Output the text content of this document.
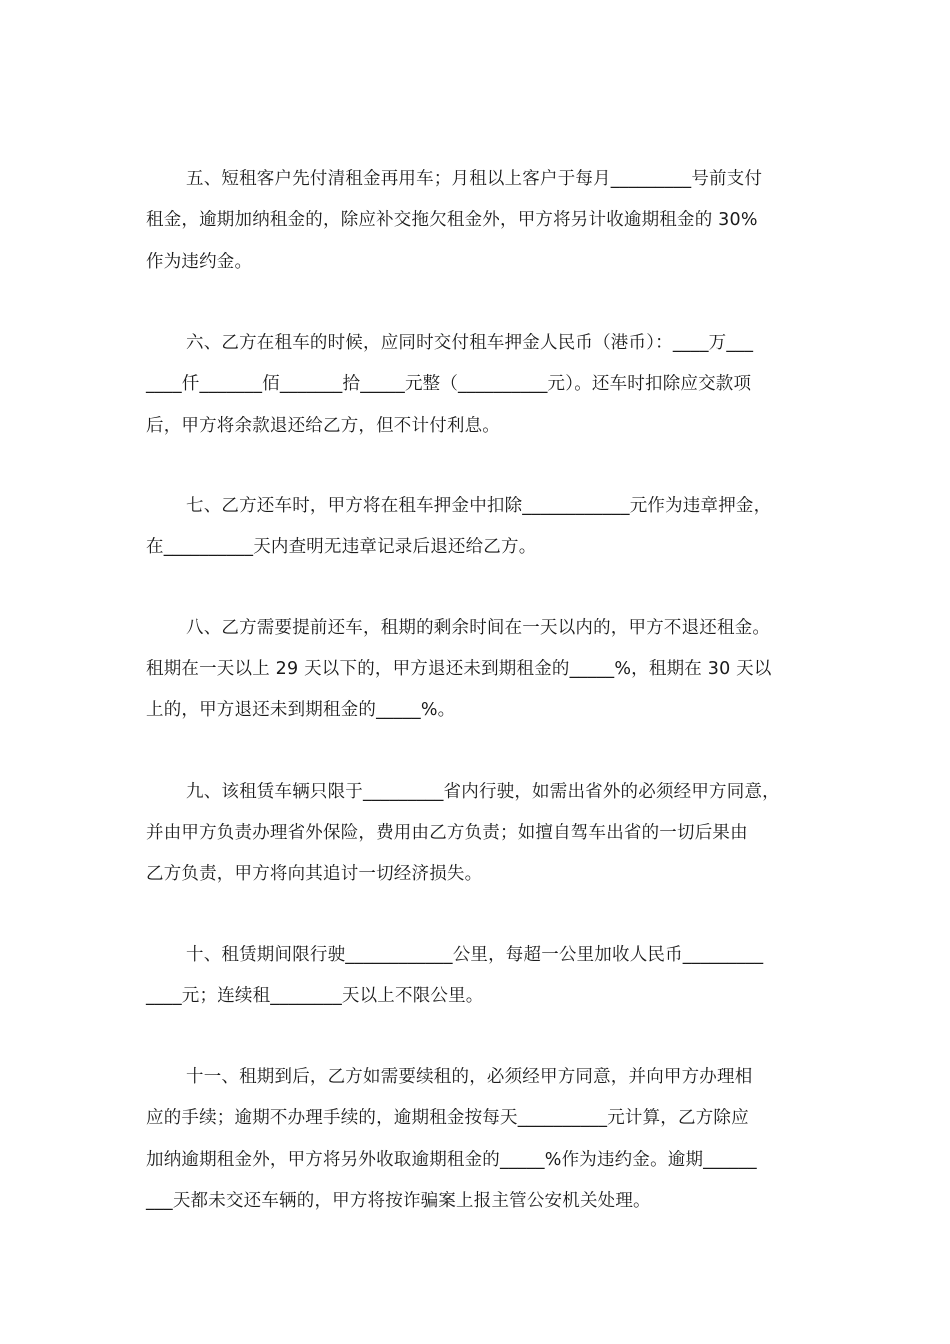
五、短租客户先付清租金再用车；月租以上客户于每月_________号前支付
租金，逾期加纳租金的，除应补交拖欠租金外，甲方将另计收逾期租金的 30%
作为违约金。
六、乙方在租车的时候，应同时交付租车押金人民币（港币）：____万___
____仟_______佰_______拾_____元整（__________元）。还车时扣除应交款项
后，甲方将余款退还给乙方，但不计付利息。
七、乙方还车时，甲方将在租车押金中扣除____________元作为违章押金，
在__________天内查明无违章记录后退还给乙方。
八、乙方需要提前还车，租期的剩余时间在一天以内的，甲方不退还租金。
租期在一天以上 29 天以下的，甲方退还未到期租金的_____%，租期在 30 天以
上的，甲方退还未到期租金的_____%。
九、该租赁车辆只限于_________省内行驶，如需出省外的必须经甲方同意，
并由甲方负责办理省外保险，费用由乙方负责；如擅自驾车出省的一切后果由
乙方负责，甲方将向其追讨一切经济损失。
十、租赁期间限行驶____________公里，每超一公里加收人民币_________
____元；连续租________天以上不限公里。
十一、租期到后，乙方如需要续租的，必须经甲方同意，并向甲方办理相
应的手续；逾期不办理手续的，逾期租金按每天__________元计算，乙方除应
加纳逾期租金外，甲方将另外收取逾期租金的_____%作为违约金。逾期______
___天都未交还车辆的，甲方将按诈骗案上报主管公安机关处理。
